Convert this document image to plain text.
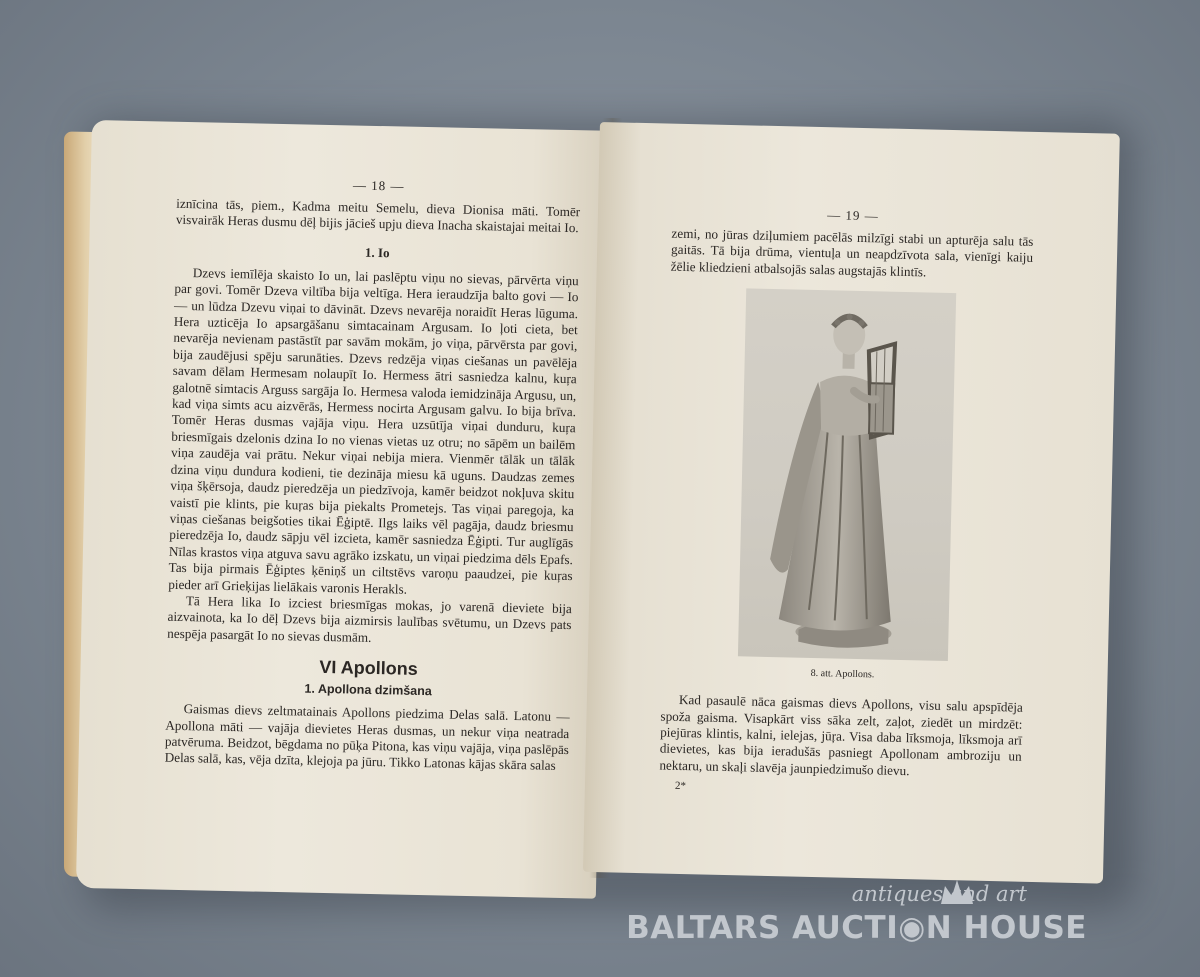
— 18 —

iznīcina tās, piem., Kadma meitu Semelu, dieva Dionisa māti. Tomēr visvairāk Heras dusmu dēļ bijis jācieš upju dieva Inacha skaistajai meitai Io.

1. Io

Dzevs iemīlēja skaisto Io un, lai paslēptu viņu no sievas, pārvērta viņu par govi. Tomēr Dzeva viltība bija veltīga. Hera ieraudzīja balto govi — Io — un lūdza Dzevu viņai to dāvināt. Dzevs nevarēja noraidīt Heras lūguma. Hera uzticēja Io apsargāšanu simtacainam Argusam. Io ļoti cieta, bet nevarēja nevienam pastāstīt par savām mokām, jo viņa, pārvērsta par govi, bija zaudējusi spēju sarunāties. Dzevs redzēja viņas ciešanas un pavēlēja savam dēlam Hermesam nolaupīt Io. Hermess ātri sasniedza kalnu, kuŗa galotnē simtacis Arguss sargāja Io. Hermesa valoda iemidzināja Argusu, un, kad viņa simts acu aizvērās, Hermess nocirta Argusam galvu. Io bija brīva. Tomēr Heras dusmas vajāja viņu. Hera uzsūtīja viņai dunduru, kuŗa briesmīgais dzelonis dzina Io no vienas vietas uz otru; no sāpēm un bailēm viņa zaudēja vai prātu. Nekur viņai nebija miera. Vienmēr tālāk un tālāk dzina viņu dundura kodieni, tie dezināja miesu kā uguns. Daudzas zemes viņa šķērsoja, daudz pieredzēja un piedzīvoja, kamēr beidzot nokļuva skitu vaistī pie klints, pie kuŗas bija piekalts Prometejs. Tas viņai paregoja, ka viņas ciešanas beigšoties tikai Ēģiptē. Ilgs laiks vēl pagāja, daudz briesmu pieredzēja Io, daudz sāpju vēl izcieta, kamēr sasniedza Ēģipti. Tur auglīgās Nīlas krastos viņa atguva savu agrāko izskatu, un viņai piedzima dēls Epafs. Tas bija pirmais Ēģiptes ķēniņš un ciltstēvs varoņu paaudzei, pie kuŗas pieder arī Grieķijas lielākais varonis Herakls.

Tā Hera lika Io izciest briesmīgas mokas, jo varenā dieviete bija aizvainota, ka Io dēļ Dzevs bija aizmirsis laulības svētumu, un Dzevs pats nespēja pasargāt Io no sievas dusmām.

VI Apollons
1. Apollona dzimšana

Gaismas dievs zeltmatainais Apollons piedzima Delas salā. Latonu — Apollona māti — vajāja dievietes Heras dusmas, un nekur viņa neatrada patvēruma. Beidzot, bēgdama no pūķa Pitona, kas viņu vajāja, viņa paslēpās Delas salā, kas, vēja dzīta, klejoja pa jūru. Tikko Latonas kājas skāra salas

— 19 —

zemi, no jūras dziļumiem pacēlās milzīgi stabi un apturēja salu tās gaitās. Tā bija drūma, vientuļa un neapdzīvota sala, vienīgi kaiju žēlie kliedzieni atbalsojās salas augstajās klintīs.

8. att. Apollons.

Kad pasaulē nāca gaismas dievs Apollons, visu salu apspīdēja spoža gaisma. Visapkārt viss sāka zelt, zaļot, ziedēt un mirdzēt: piejūras klintis, kalni, ielejas, jūŗa. Visa daba līksmoja, līksmoja arī dievietes, kas bija ieradušās pasniegt Apollonam ambroziju un nektaru, un skaļi slavēja jaunpiedzimušo dievu.

2*
antiques and art
BALTARS AUCTI◉N HOUSE
